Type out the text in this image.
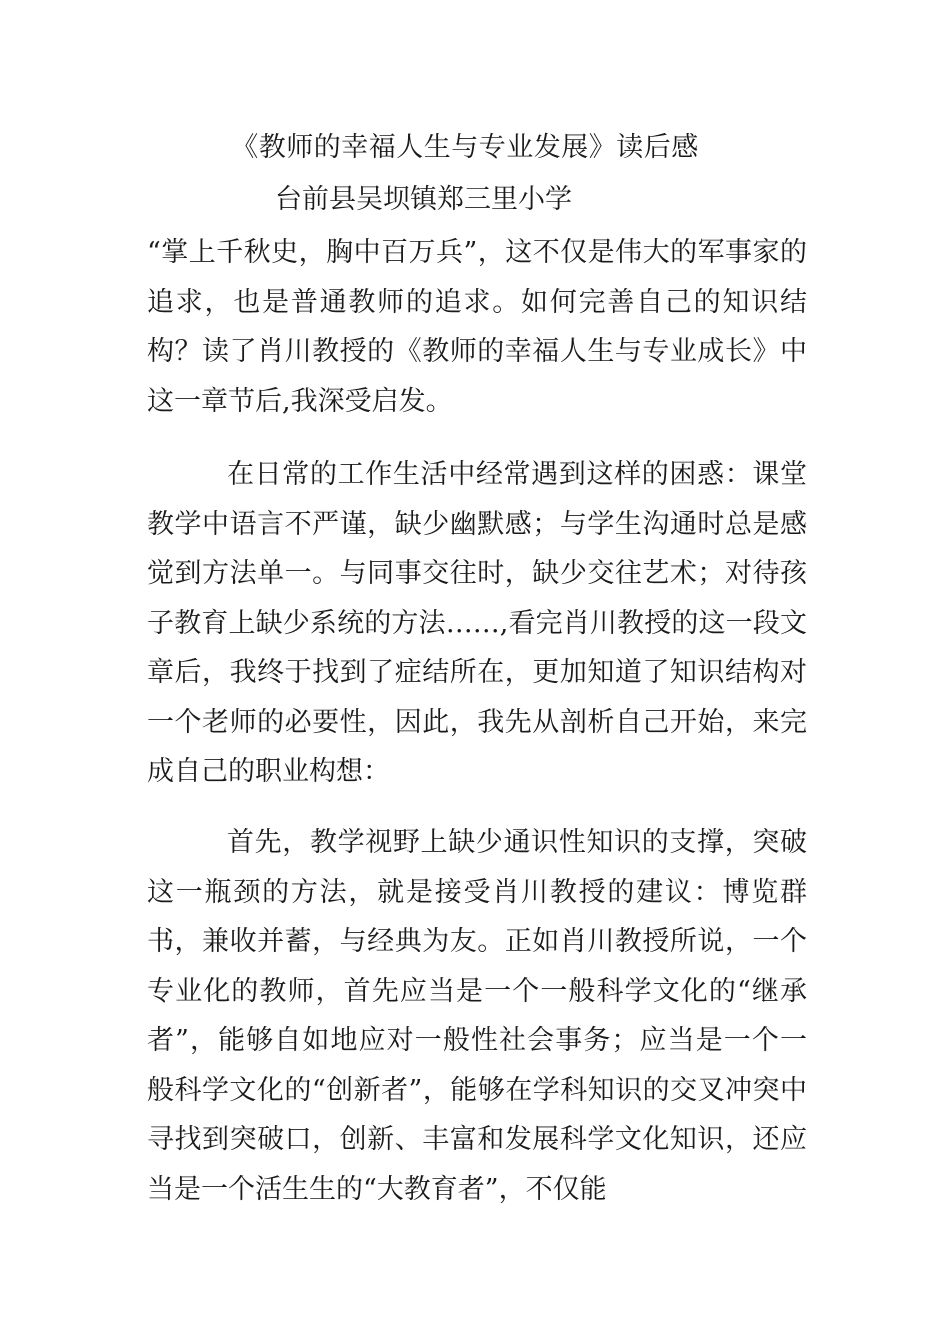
《教师的幸福人生与专业发展》读后感
台前县吴坝镇郑三里小学

“掌上千秋史，胸中百万兵”，这不仅是伟大的军事家的追求，也是普通教师的追求。如何完善自己的知识结构？读了肖川教授的《教师的幸福人生与专业成长》中这一章节后,我深受启发。

在日常的工作生活中经常遇到这样的困惑：课堂教学中语言不严谨，缺少幽默感；与学生沟通时总是感觉到方法单一。与同事交往时，缺少交往艺术；对待孩子教育上缺少系统的方法……,看完肖川教授的这一段文章后，我终于找到了症结所在，更加知道了知识结构对一个老师的必要性，因此，我先从剖析自己开始，来完成自己的职业构想：

首先，教学视野上缺少通识性知识的支撑，突破这一瓶颈的方法，就是接受肖川教授的建议：博览群书，兼收并蓄，与经典为友。正如肖川教授所说，一个专业化的教师，首先应当是一个一般科学文化的“继承者”，能够自如地应对一般性社会事务；应当是一个一般科学文化的“创新者”，能够在学科知识的交叉冲突中寻找到突破口，创新、丰富和发展科学文化知识，还应当是一个活生生的“大教育者”，不仅能
